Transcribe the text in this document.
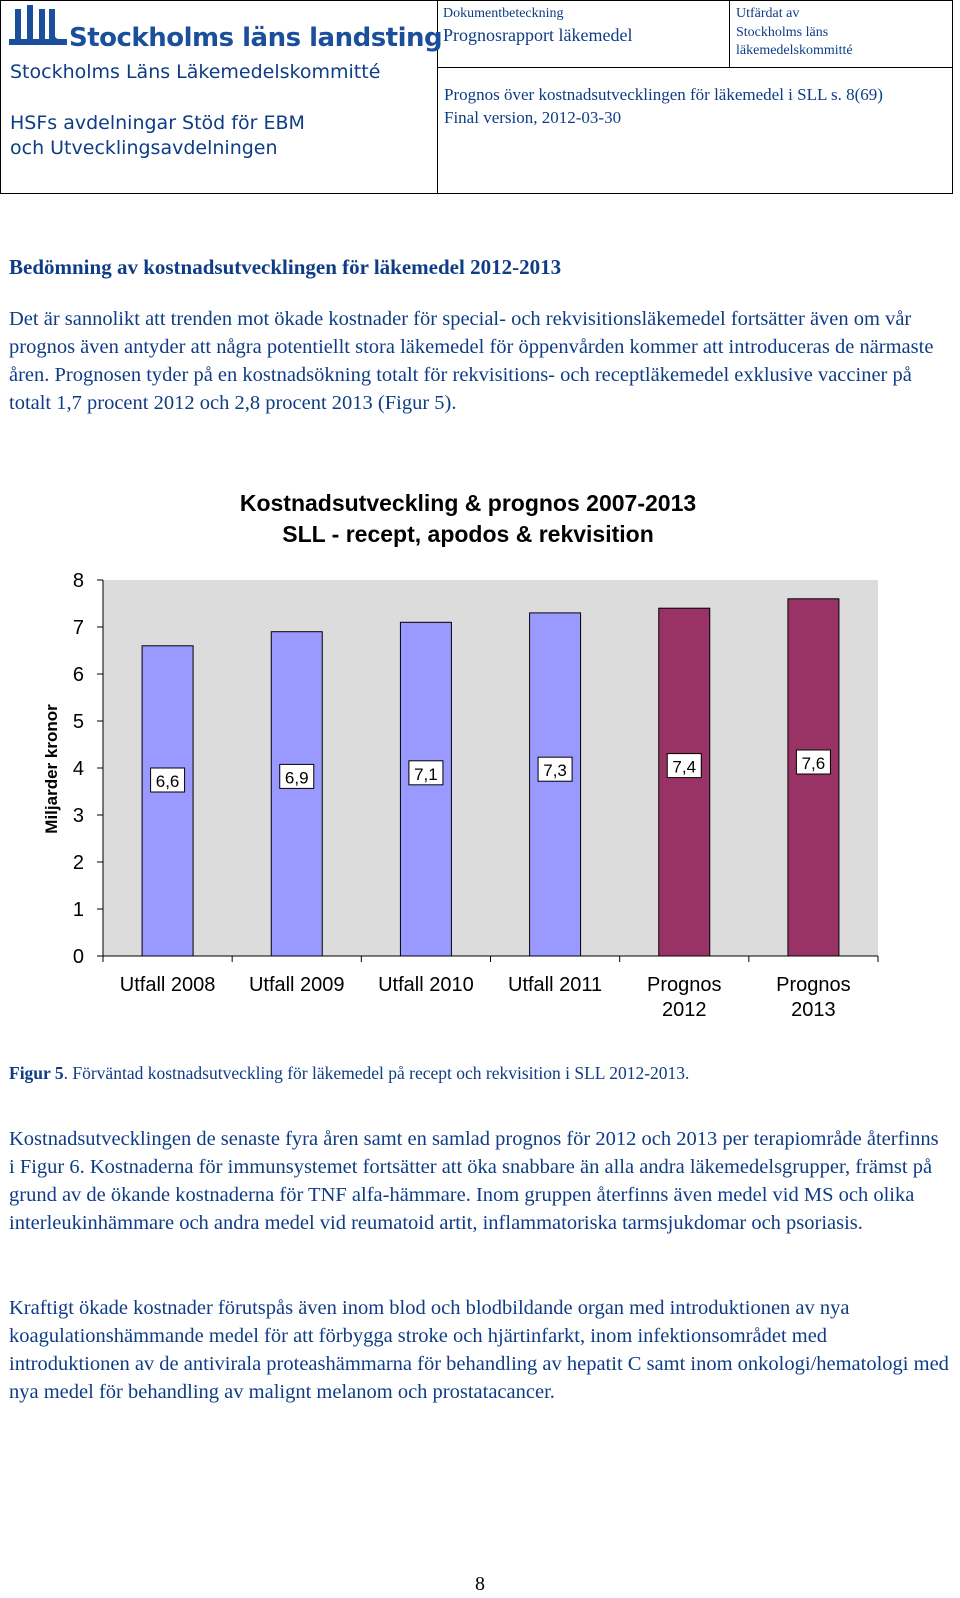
Stockholms läns landsting
Stockholms Läns Läkemedelskommitté
HSFs avdelningar Stöd för EBM
och Utvecklingsavdelningen
Dokumentbeteckning
Prognosrapport läkemedel
Utfärdat av
Stockholms läns läkemedelskommitté
Prognos över kostnadsutvecklingen för läkemedel i SLL s. 8(69)
Final version, 2012-03-30
Bedömning av kostnadsutvecklingen för läkemedel 2012-2013
Det är sannolikt att trenden mot ökade kostnader för special- och rekvisitionsläkemedel fortsätter även om vår prognos även antyder att några potentiellt stora läkemedel för öppenvården kommer att introduceras de närmaste åren. Prognosen tyder på en kostnadsökning totalt för rekvisitions- och receptläkemedel exklusive vacciner på totalt 1,7 procent 2012 och 2,8 procent 2013 (Figur 5).
Kostnadsutveckling & prognos 2007-2013
SLL - recept, apodos & rekvisition
0
1
2
3
4
5
6
7
8
Miljarder kronor	6,6
Utfall 2008
6,9
Utfall 2009
7,1
Utfall 2010
7,3
Utfall 2011
7,4
Prognos
2012
7,6
Prognos
2013
Figur 5. Förväntad kostnadsutveckling för läkemedel på recept och rekvisition i SLL 2012-2013.
Kostnadsutvecklingen de senaste fyra åren samt en samlad prognos för 2012 och 2013 per terapiområde återfinns i Figur 6. Kostnaderna för immunsystemet fortsätter att öka snabbare än alla andra läkemedelsgrupper, främst på grund av de ökande kostnaderna för TNF alfa-hämmare. Inom gruppen återfinns även medel vid MS och olika interleukinhämmare och andra medel vid reumatoid artit, inflammatoriska tarmsjukdomar och psoriasis.
Kraftigt ökade kostnader förutspås även inom blod och blodbildande organ med introduktionen av nya koagulationshämmande medel för att förbygga stroke och hjärtinfarkt, inom infektionsområdet med introduktionen av de antivirala proteashämmarna för behandling av hepatit C samt inom onkologi/hematologi med nya medel för behandling av malignt melanom och prostatacancer.
8
